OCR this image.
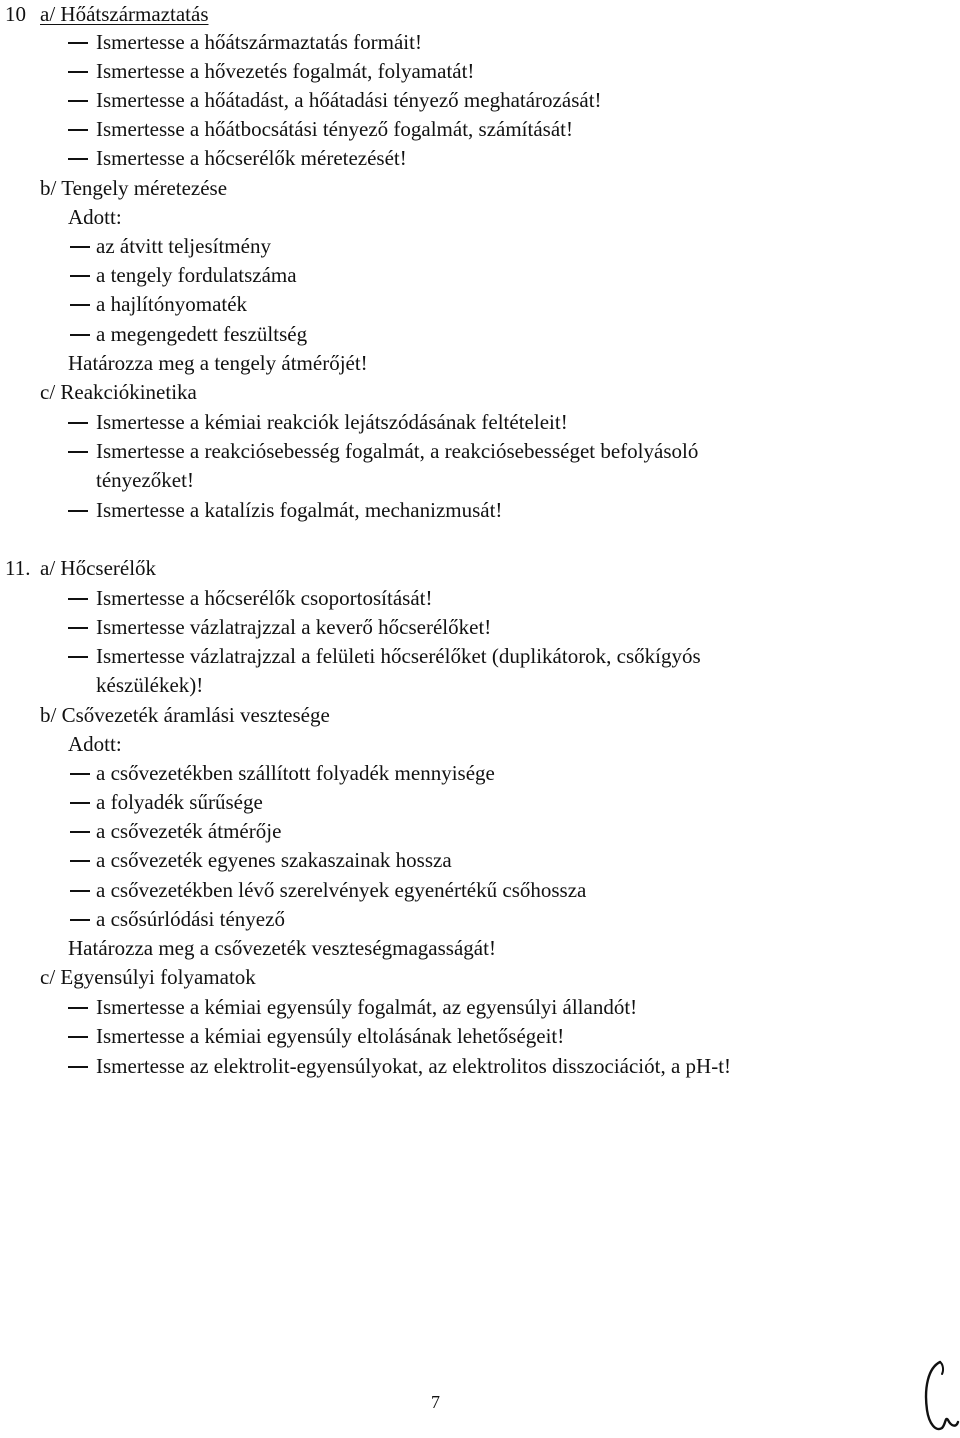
10 a/ Hőátszármaztatás
Ismertesse a hőátszármaztatás formáit!
Ismertesse a hővezetés fogalmát, folyamatát!
Ismertesse a hőátadást, a hőátadási tényező meghatározását!
Ismertesse a hőátbocsátási tényező fogalmát, számítását!
Ismertesse a hőcserélők méretezését!
b/ Tengely méretezése
Adott:
az átvitt teljesítmény
a tengely fordulatszáma
a hajlítónyomaték
a megengedett feszültség
Határozza meg a tengely átmérőjét!
c/ Reakciókinetika
Ismertesse a kémiai reakciók lejátszódásának feltételeit!
Ismertesse a reakciósebesség fogalmát, a reakciósebességet befolyásoló
tényezőket!
Ismertesse a katalízis fogalmát, mechanizmusát!
11. a/ Hőcserélők
Ismertesse a hőcserélők csoportosítását!
Ismertesse vázlatrajzzal a keverő hőcserélőket!
Ismertesse vázlatrajzzal a felületi hőcserélőket (duplikátorok, csőkígyós
készülékek)!
b/ Csővezeték áramlási vesztesége
Adott:
a csővezetékben szállított folyadék mennyisége
a folyadék sűrűsége
a csővezeték átmérője
a csővezeték egyenes szakaszainak hossza
a csővezetékben lévő szerelvények egyenértékű csőhossza
a csősúrlódási tényező
Határozza meg a csővezeték veszteségmagasságát!
c/ Egyensúlyi folyamatok
Ismertesse a kémiai egyensúly fogalmát, az egyensúlyi állandót!
Ismertesse a kémiai egyensúly eltolásának lehetőségeit!
Ismertesse az elektrolit-egyensúlyokat, az elektrolitos disszociációt, a pH-t!
7
